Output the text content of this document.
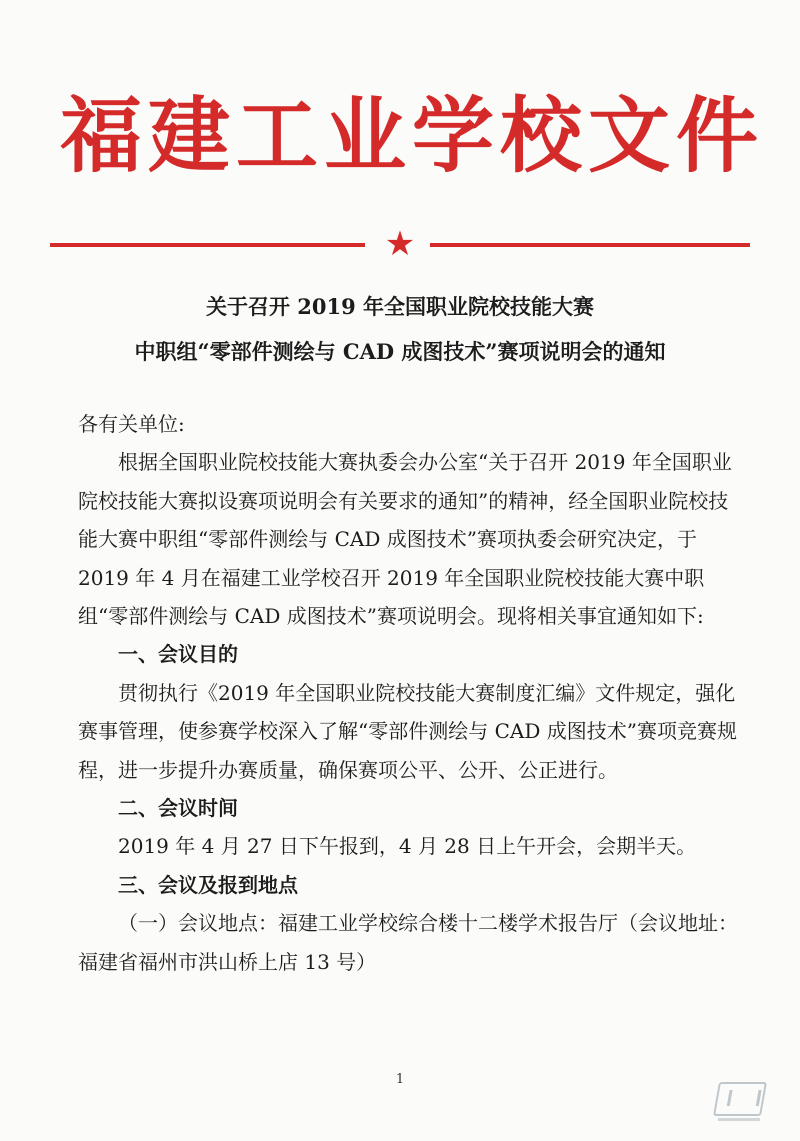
福建工业学校文件
★
关于召开 2019 年全国职业院校技能大赛
中职组“零部件测绘与 CAD 成图技术”赛项说明会的通知

各有关单位:

根据全国职业院校技能大赛执委会办公室“关于召开 2019 年全国职业院校技能大赛拟设赛项说明会有关要求的通知”的精神，经全国职业院校技能大赛中职组“零部件测绘与 CAD 成图技术”赛项执委会研究决定，于 2019 年 4 月在福建工业学校召开 2019 年全国职业院校技能大赛中职组“零部件测绘与 CAD 成图技术”赛项说明会。现将相关事宜通知如下:

一、会议目的

贯彻执行《2019 年全国职业院校技能大赛制度汇编》文件规定，强化赛事管理，使参赛学校深入了解“零部件测绘与 CAD 成图技术”赛项竞赛规程，进一步提升办赛质量，确保赛项公平、公开、公正进行。

二、会议时间

2019 年 4 月 27 日下午报到，4 月 28 日上午开会，会期半天。

三、会议及报到地点

（一）会议地点：福建工业学校综合楼十二楼学术报告厅（会议地址：福建省福州市洪山桥上店 13 号）

1
